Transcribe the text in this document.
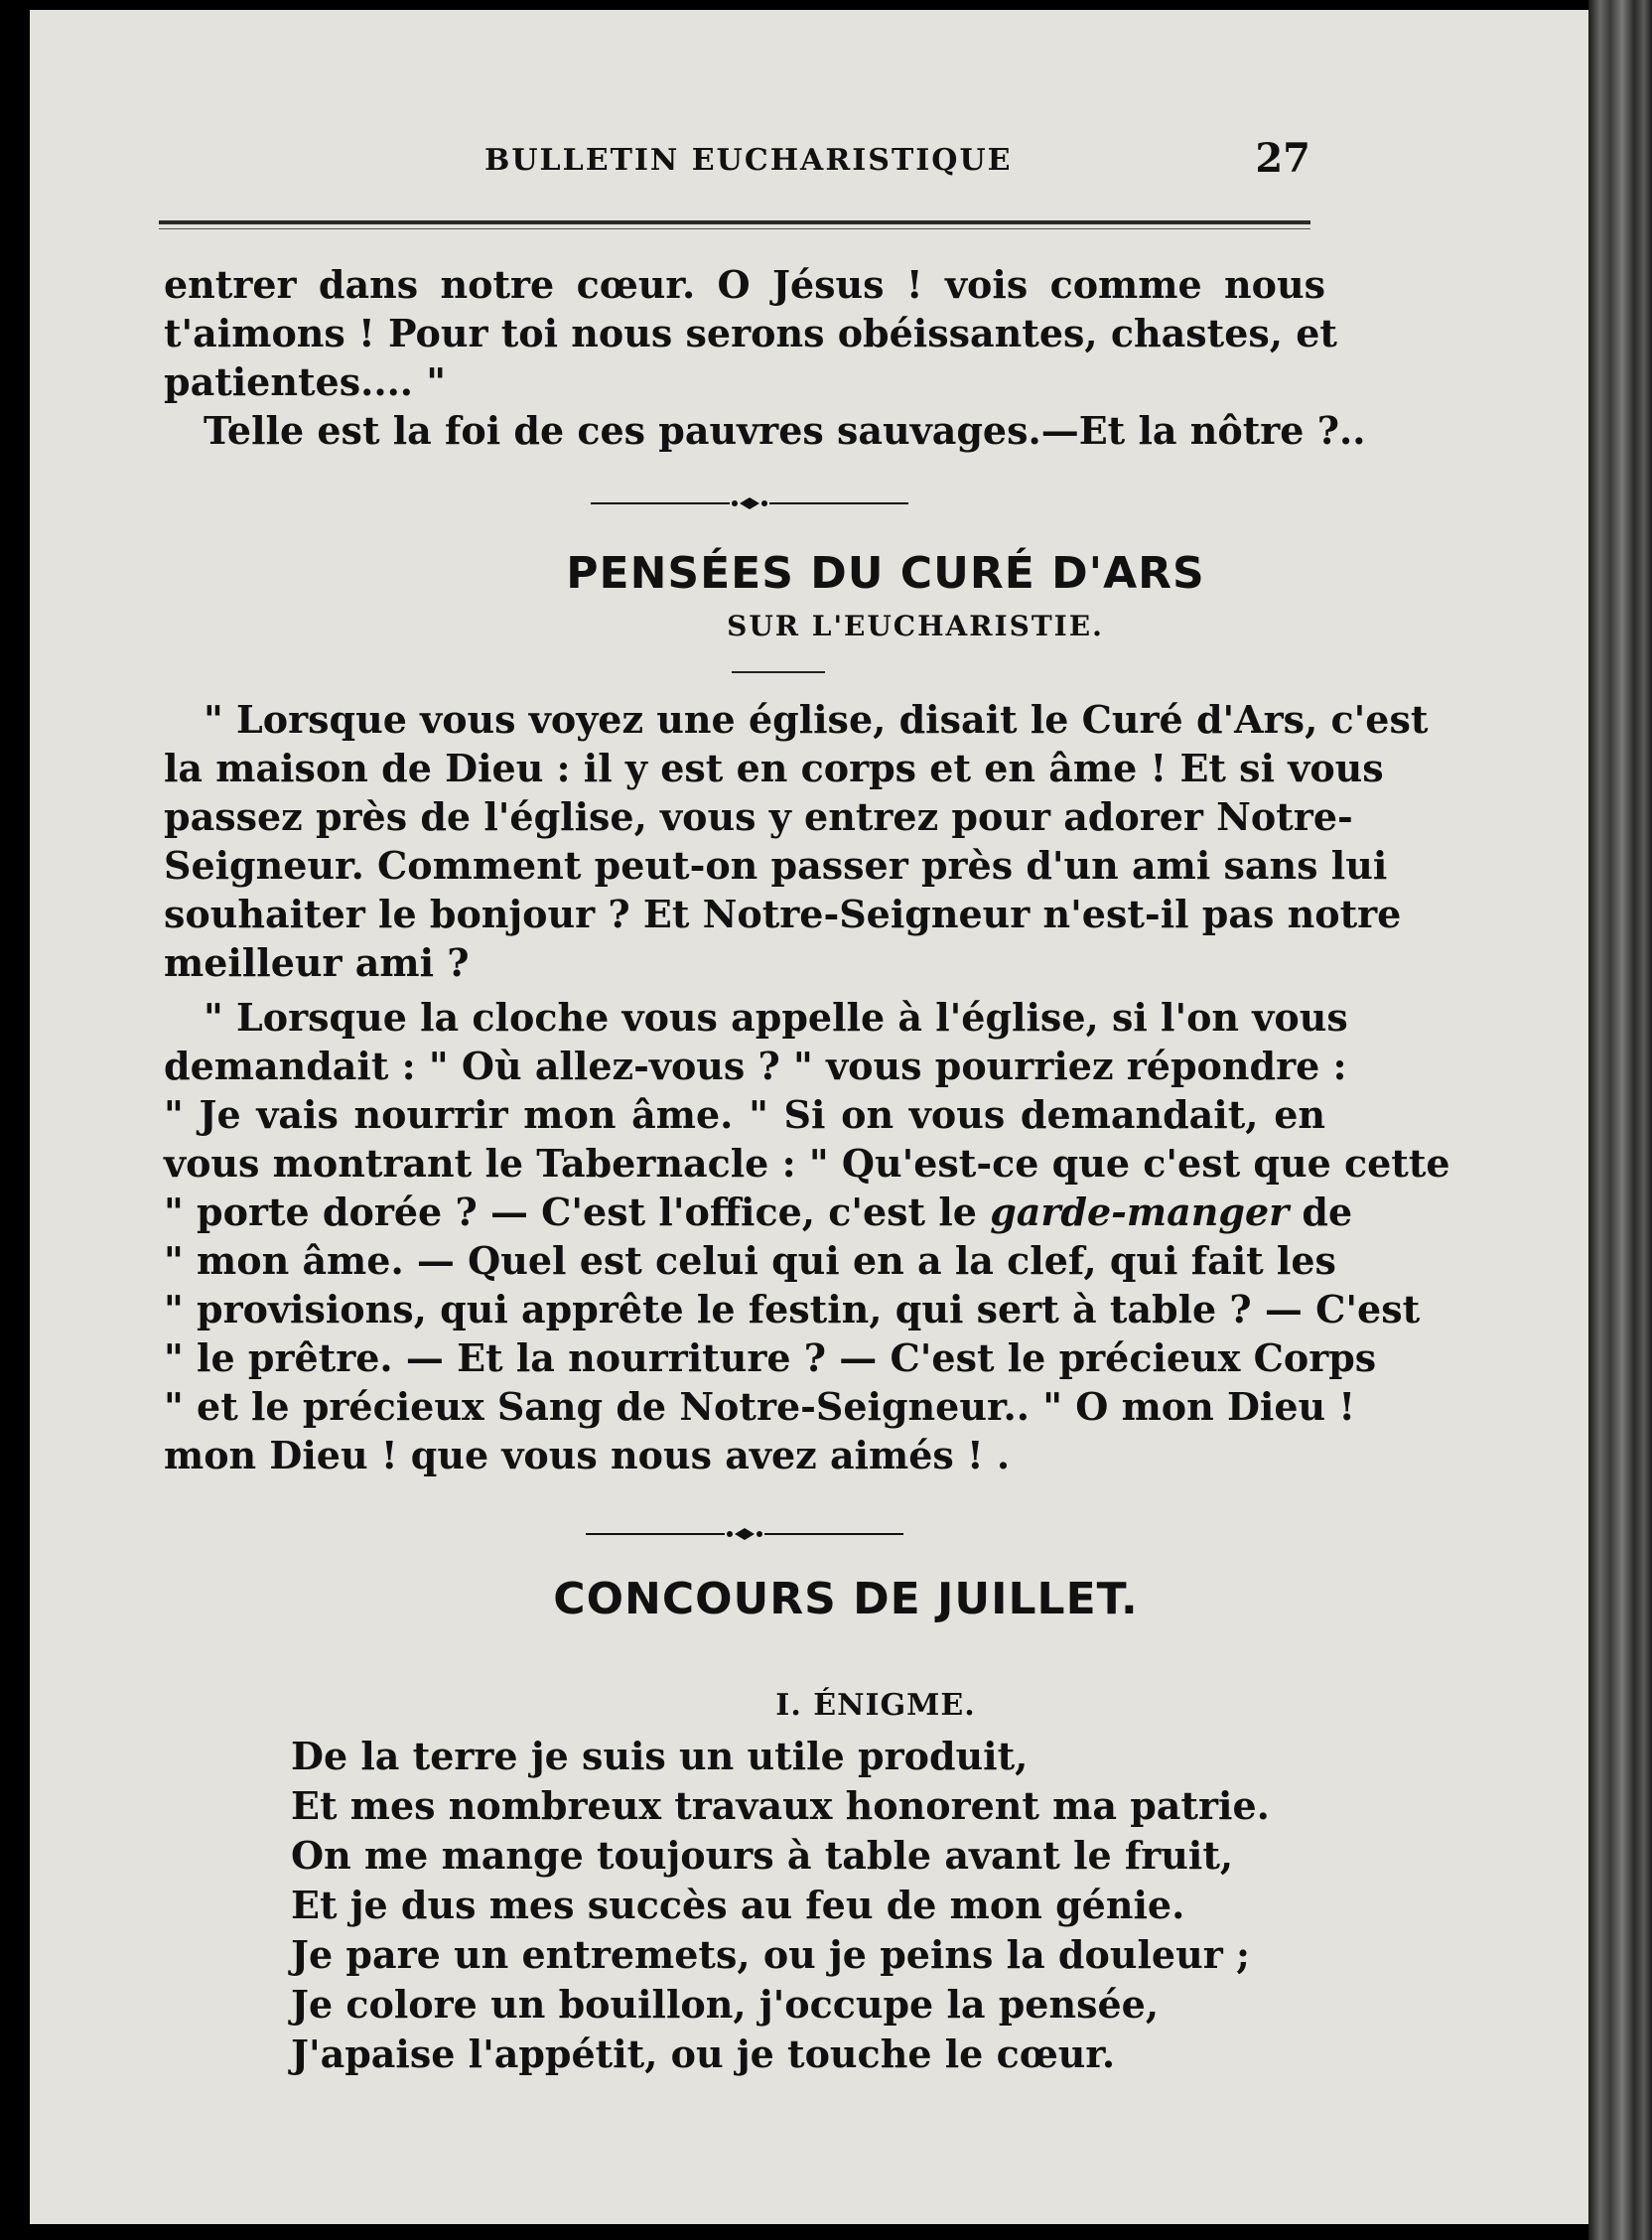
BULLETIN EUCHARISTIQUE	27
entrer dans notre cœur. O Jésus ! vois comme nous
t'aimons ! Pour toi nous serons obéissantes, chastes, et
patientes.... "
Telle est la foi de ces pauvres sauvages.—Et la nôtre ?..
PENSÉES DU CURÉ D'ARS
SUR L'EUCHARISTIE.
" Lorsque vous voyez une église, disait le Curé d'Ars, c'est
la maison de Dieu : il y est en corps et en âme ! Et si vous
passez près de l'église, vous y entrez pour adorer Notre-
Seigneur. Comment peut-on passer près d'un ami sans lui
souhaiter le bonjour ? Et Notre-Seigneur n'est-il pas notre
meilleur ami ?
" Lorsque la cloche vous appelle à l'église, si l'on vous
demandait : " Où allez-vous ? " vous pourriez répondre :
" Je vais nourrir mon âme. " Si on vous demandait, en
vous montrant le Tabernacle : " Qu'est-ce que c'est que cette
" porte dorée ? — C'est l'office, c'est le garde-manger de
" mon âme. — Quel est celui qui en a la clef, qui fait les
" provisions, qui apprête le festin, qui sert à table ? — C'est
" le prêtre. — Et la nourriture ? — C'est le précieux Corps
" et le précieux Sang de Notre-Seigneur.. " O mon Dieu !
mon Dieu ! que vous nous avez aimés ! .
CONCOURS DE JUILLET.
I. ÉNIGME.
De la terre je suis un utile produit,
Et mes nombreux travaux honorent ma patrie.
On me mange toujours à table avant le fruit,
Et je dus mes succès au feu de mon génie.
Je pare un entremets, ou je peins la douleur ;
Je colore un bouillon, j'occupe la pensée,
J'apaise l'appétit, ou je touche le cœur.
